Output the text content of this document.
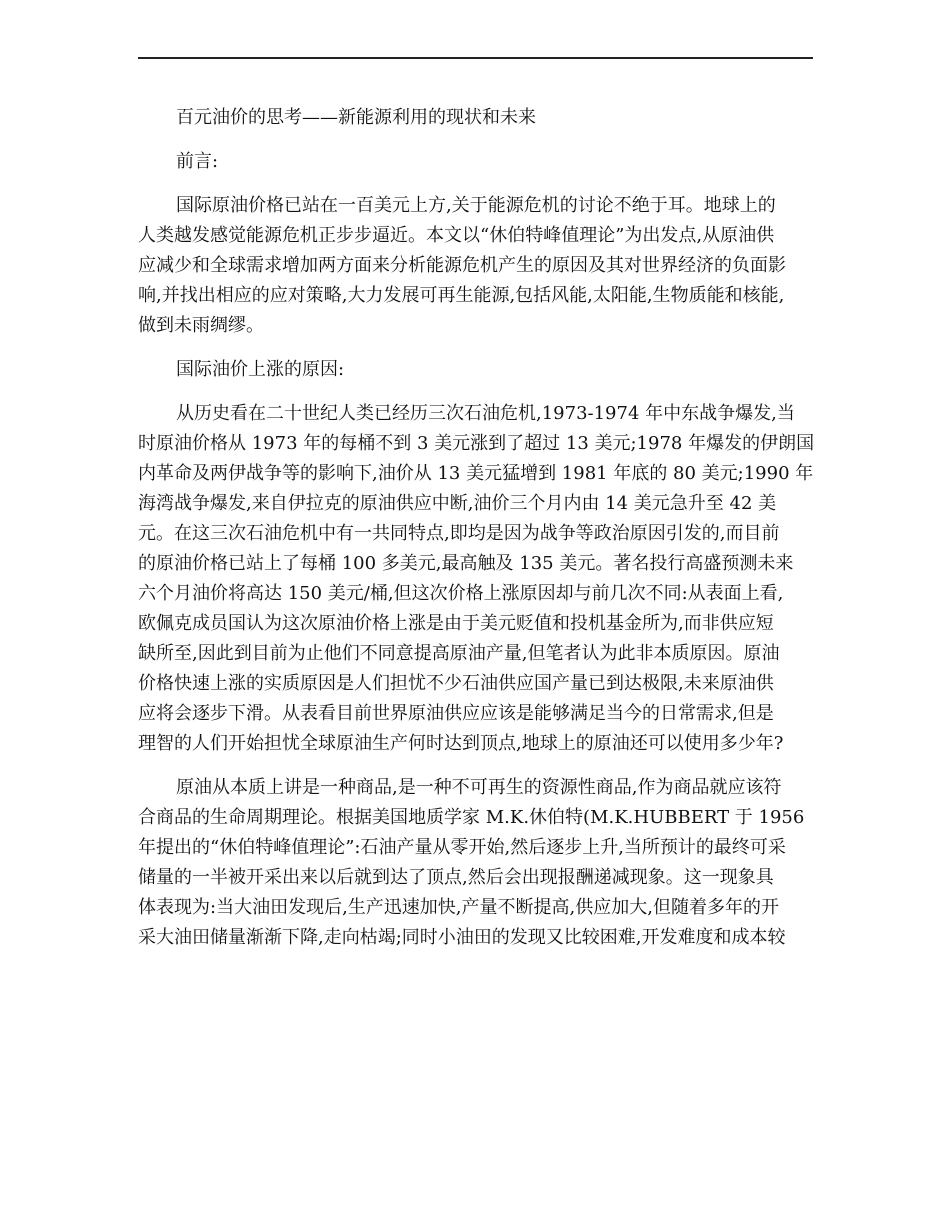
百元油价的思考——新能源利用的现状和未来
前言:
国际原油价格已站在一百美元上方,关于能源危机的讨论不绝于耳。地球上的
人类越发感觉能源危机正步步逼近。本文以“休伯特峰值理论”为出发点,从原油供
应减少和全球需求增加两方面来分析能源危机产生的原因及其对世界经济的负面影
响,并找出相应的应对策略,大力发展可再生能源,包括风能,太阳能,生物质能和核能,
做到未雨绸缪。
国际油价上涨的原因:
从历史看在二十世纪人类已经历三次石油危机,1973-1974 年中东战争爆发,当
时原油价格从 1973 年的每桶不到 3 美元涨到了超过 13 美元;1978 年爆发的伊朗国
内革命及两伊战争等的影响下,油价从 13 美元猛增到 1981 年底的 80 美元;1990 年
海湾战争爆发,来自伊拉克的原油供应中断,油价三个月内由 14 美元急升至 42 美
元。在这三次石油危机中有一共同特点,即均是因为战争等政治原因引发的,而目前
的原油价格已站上了每桶 100 多美元,最高触及 135 美元。著名投行高盛预测未来
六个月油价将高达 150 美元/桶,但这次价格上涨原因却与前几次不同:从表面上看,
欧佩克成员国认为这次原油价格上涨是由于美元贬值和投机基金所为,而非供应短
缺所至,因此到目前为止他们不同意提高原油产量,但笔者认为此非本质原因。原油
价格快速上涨的实质原因是人们担忧不少石油供应国产量已到达极限,未来原油供
应将会逐步下滑。从表看目前世界原油供应应该是能够满足当今的日常需求,但是
理智的人们开始担忧全球原油生产何时达到顶点,地球上的原油还可以使用多少年?
原油从本质上讲是一种商品,是一种不可再生的资源性商品,作为商品就应该符
合商品的生命周期理论。根据美国地质学家 M.K.休伯特(M.K.HUBBERT 于 1956
年提出的“休伯特峰值理论”:石油产量从零开始,然后逐步上升,当所预计的最终可采
储量的一半被开采出来以后就到达了顶点,然后会出现报酬递减现象。这一现象具
体表现为:当大油田发现后,生产迅速加快,产量不断提高,供应加大,但随着多年的开
采大油田储量渐渐下降,走向枯竭;同时小油田的发现又比较困难,开发难度和成本较
